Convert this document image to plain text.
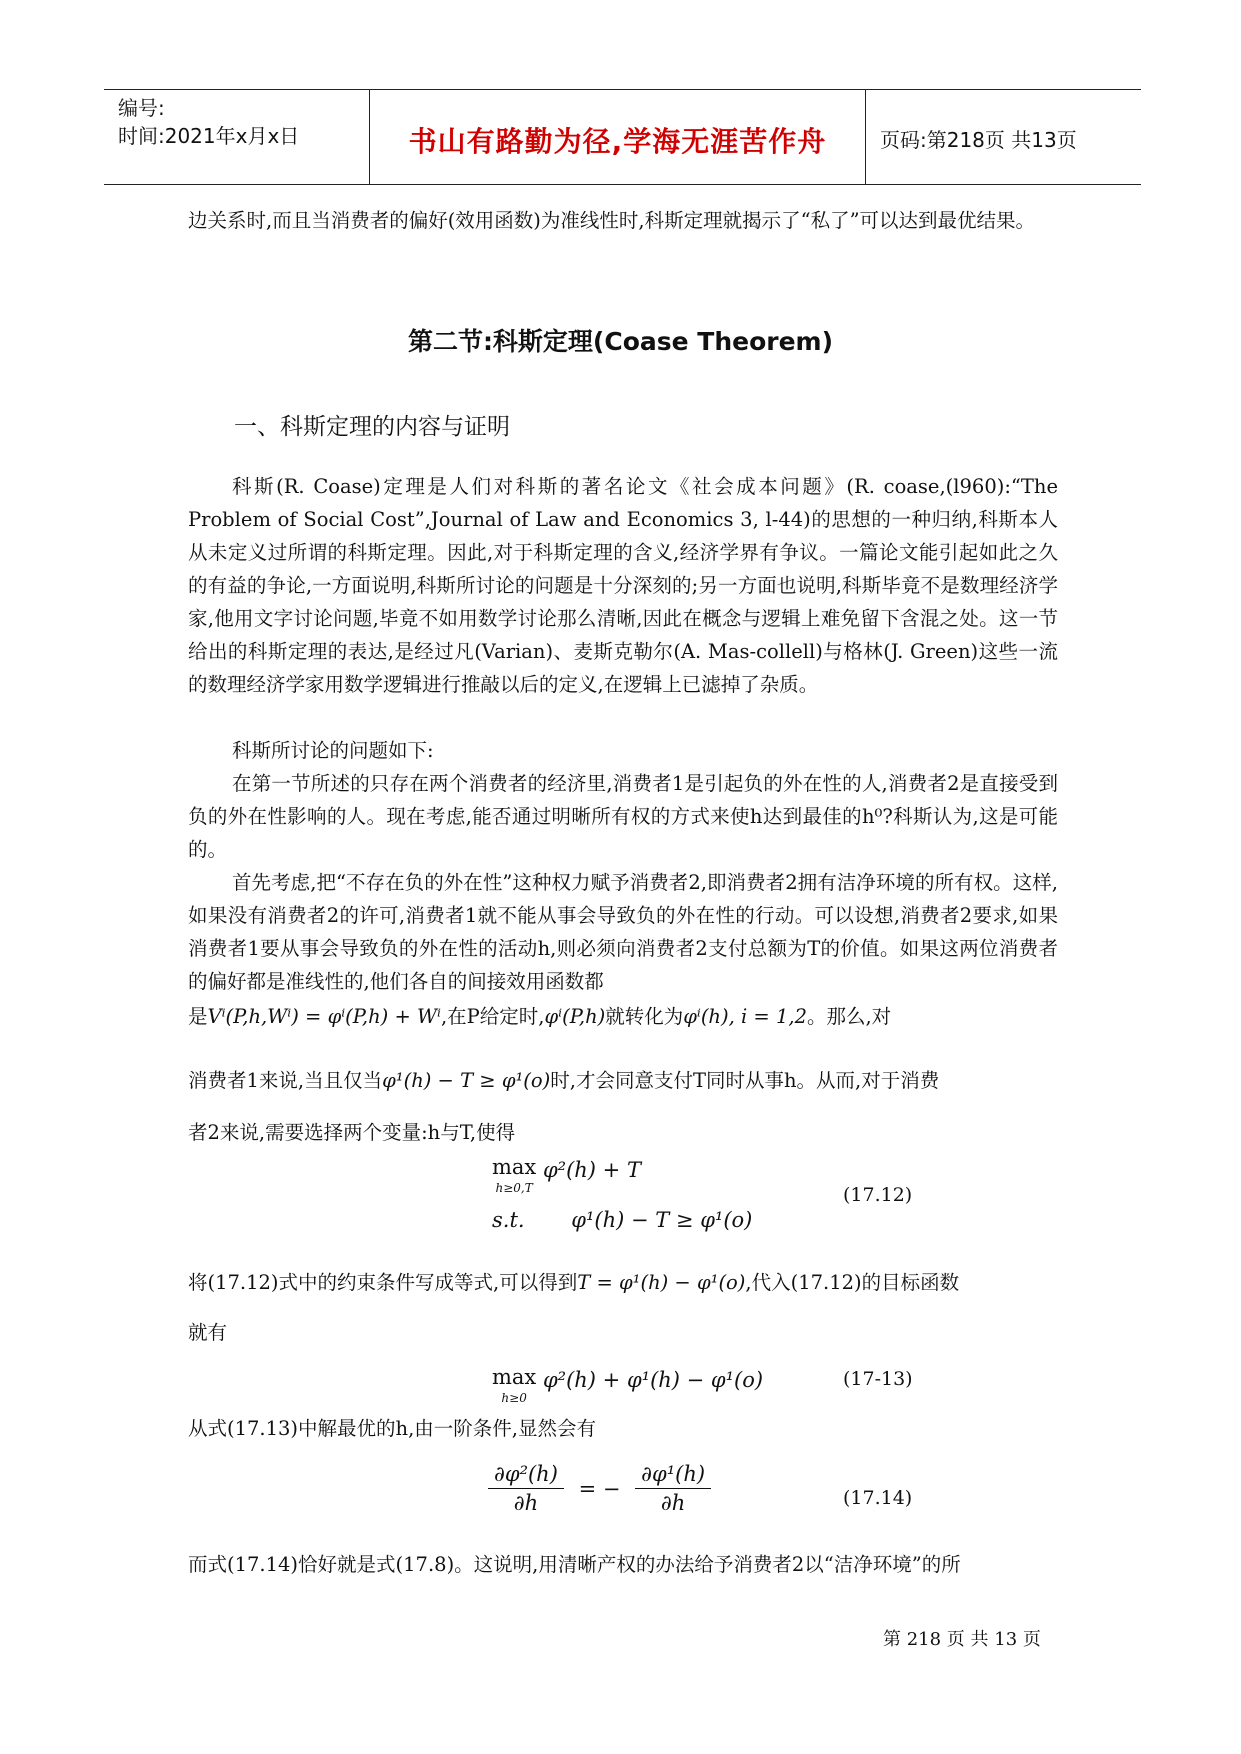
编号:
时间:2021年x月x日	书山有路勤为径,学海无涯苦作舟	页码:第218页 共13页

边关系时,而且当消费者的偏好(效用函数)为准线性时,科斯定理就揭示了“私了”可以达到最优结果。

第二节:科斯定理(Coase Theorem)
一、科斯定理的内容与证明

科斯(R. Coase)定理是人们对科斯的著名论文《社会成本问题》(R. coase,(l960):“The Problem of Social Cost”,Journal of Law and Economics 3, l-44)的思想的一种归纳,科斯本人从未定义过所谓的科斯定理。因此,对于科斯定理的含义,经济学界有争议。一篇论文能引起如此之久的有益的争论,一方面说明,科斯所讨论的问题是十分深刻的;另一方面也说明,科斯毕竟不是数理经济学家,他用文字讨论问题,毕竟不如用数学讨论那么清晰,因此在概念与逻辑上难免留下含混之处。这一节给出的科斯定理的表达,是经过凡(Varian)、麦斯克勒尔(A. Mas-collell)与格林(J. Green)这些一流的数理经济学家用数学逻辑进行推敲以后的定义,在逻辑上已滤掉了杂质。

科斯所讨论的问题如下:

在第一节所述的只存在两个消费者的经济里,消费者1是引起负的外在性的人,消费者2是直接受到负的外在性影响的人。现在考虑,能否通过明晰所有权的方式来使h达到最佳的h⁰?科斯认为,这是可能的。

首先考虑,把“不存在负的外在性”这种权力赋予消费者2,即消费者2拥有洁净环境的所有权。这样,如果没有消费者2的许可,消费者1就不能从事会导致负的外在性的行动。可以设想,消费者2要求,如果消费者1要从事会导致负的外在性的活动h,则必须向消费者2支付总额为T的价值。如果这两位消费者的偏好都是准线性的,他们各自的间接效用函数都

是Vⁱ(P,h,Wⁱ) = φⁱ(P,h) + Wⁱ,在P给定时,φⁱ(P,h)就转化为φⁱ(h), i = 1,2。那么,对

消费者1来说,当且仅当φ¹(h) − T ≥ φ¹(o)时,才会同意支付T同时从事h。从而,对于消费

者2来说,需要选择两个变量:h与T,使得

max
h≥0,T φ²(h) + T
s.t. φ¹(h) − T ≥ φ¹(o)
(17.12)

将(17.12)式中的约束条件写成等式,可以得到T = φ¹(h) − φ¹(o),代入(17.12)的目标函数

就有

max
h≥0 φ²(h) + φ¹(h) − φ¹(o)	(17-13)

从式(17.13)中解最优的h,由一阶条件,显然会有

$\frac{\text{∂φ²(h)}}{\partial h}$ = − $\frac{\text{∂φ¹(h)}}{\partial h}$	(17.14)

而式(17.14)恰好就是式(17.8)。这说明,用清晰产权的办法给予消费者2以“洁净环境”的所

第 218 页 共 13 页
